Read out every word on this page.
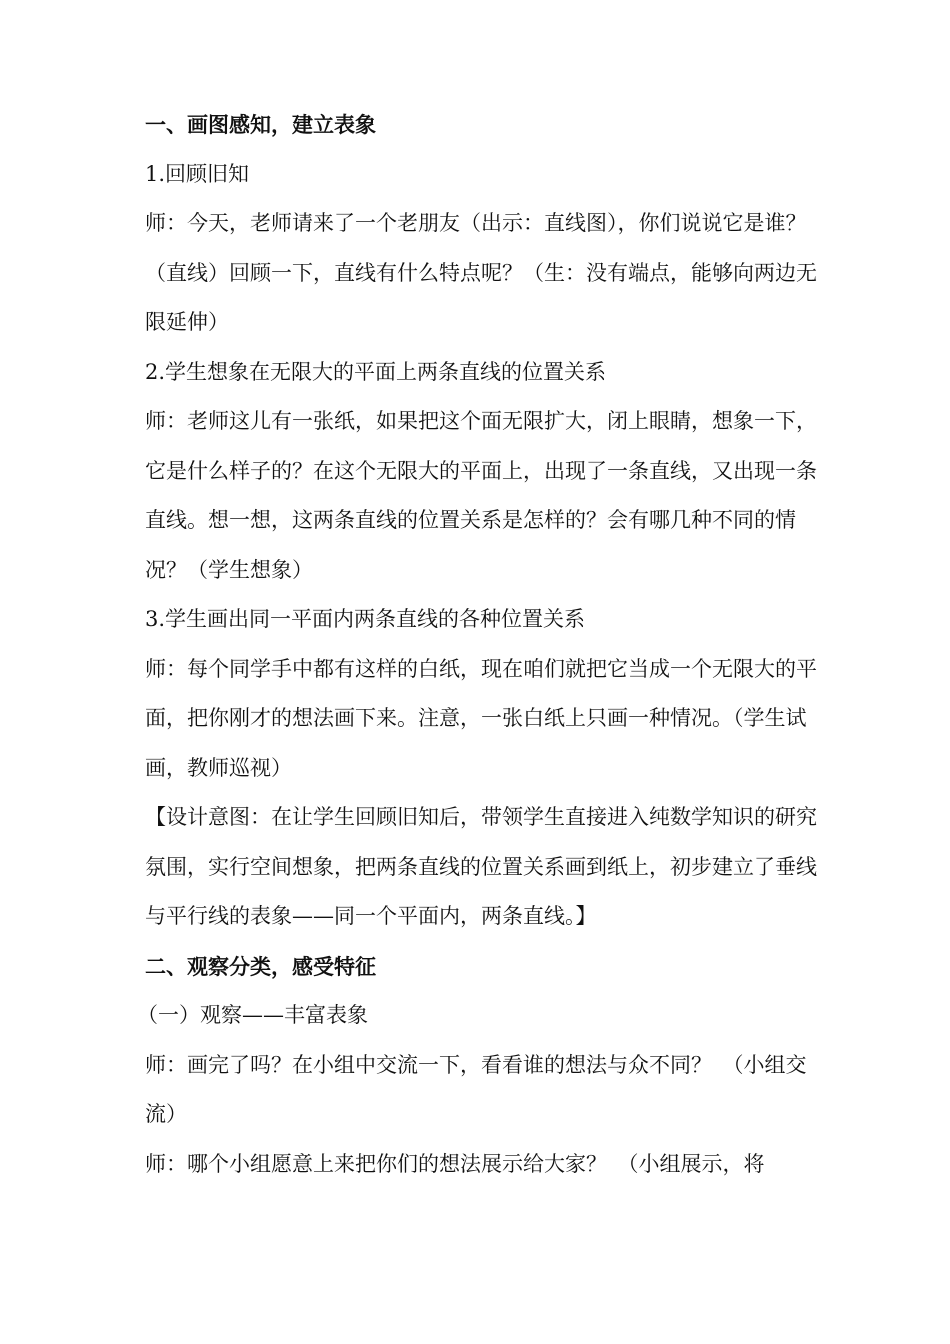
一、画图感知，建立表象

1.回顾旧知

师：今天，老师请来了一个老朋友（出示：直线图），你们说说它是谁？（直线）回顾一下，直线有什么特点呢？（生：没有端点，能够向两边无限延伸）

2.学生想象在无限大的平面上两条直线的位置关系

师：老师这儿有一张纸，如果把这个面无限扩大，闭上眼睛，想象一下，它是什么样子的？在这个无限大的平面上，出现了一条直线，又出现一条直线。想一想，这两条直线的位置关系是怎样的？会有哪几种不同的情况？（学生想象）

3.学生画出同一平面内两条直线的各种位置关系

师：每个同学手中都有这样的白纸，现在咱们就把它当成一个无限大的平面，把你刚才的想法画下来。注意，一张白纸上只画一种情况。（学生试画，教师巡视）

【设计意图：在让学生回顾旧知后，带领学生直接进入纯数学知识的研究氛围，实行空间想象，把两条直线的位置关系画到纸上，初步建立了垂线与平行线的表象——同一个平面内，两条直线。】

二、观察分类，感受特征

（一）观察——丰富表象

师：画完了吗？在小组中交流一下，看看谁的想法与众不同？　（小组交流）

师：哪个小组愿意上来把你们的想法展示给大家？　（小组展示，将
